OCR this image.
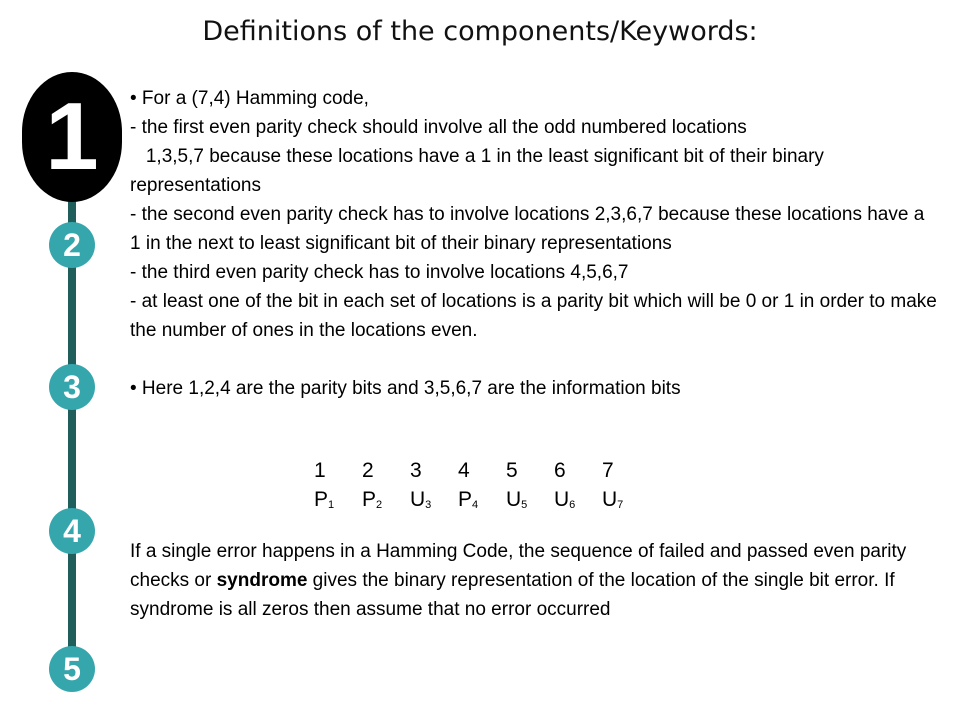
Definitions of the components/Keywords:
1
2
3
4
5

• For a (7,4) Hamming code,

- the first even parity check should involve all the odd numbered locations

1,3,5,7 because these locations have a 1 in the least significant bit of their binary representations

- the second even parity check has to involve locations 2,3,6,7 because these locations have a 1 in the next to least significant bit of their binary representations

- the third even parity check has to involve locations 4,5,6,7

- at least one of the bit in each set of locations is a parity bit which will be 0 or 1 in order to make the number of ones in the locations even.

• Here 1,2,4 are the parity bits and 3,5,6,7 are the information bits

1	2	3	4	5	6	7
$P_1$	$P_2$	$U_3$	$P_4$	$U_5$	$U_6$	$U_7$

If a single error happens in a Hamming Code, the sequence of failed and passed even parity checks or syndrome gives the binary representation of the location of the single bit error. If syndrome is all zeros then assume that no error occurred
